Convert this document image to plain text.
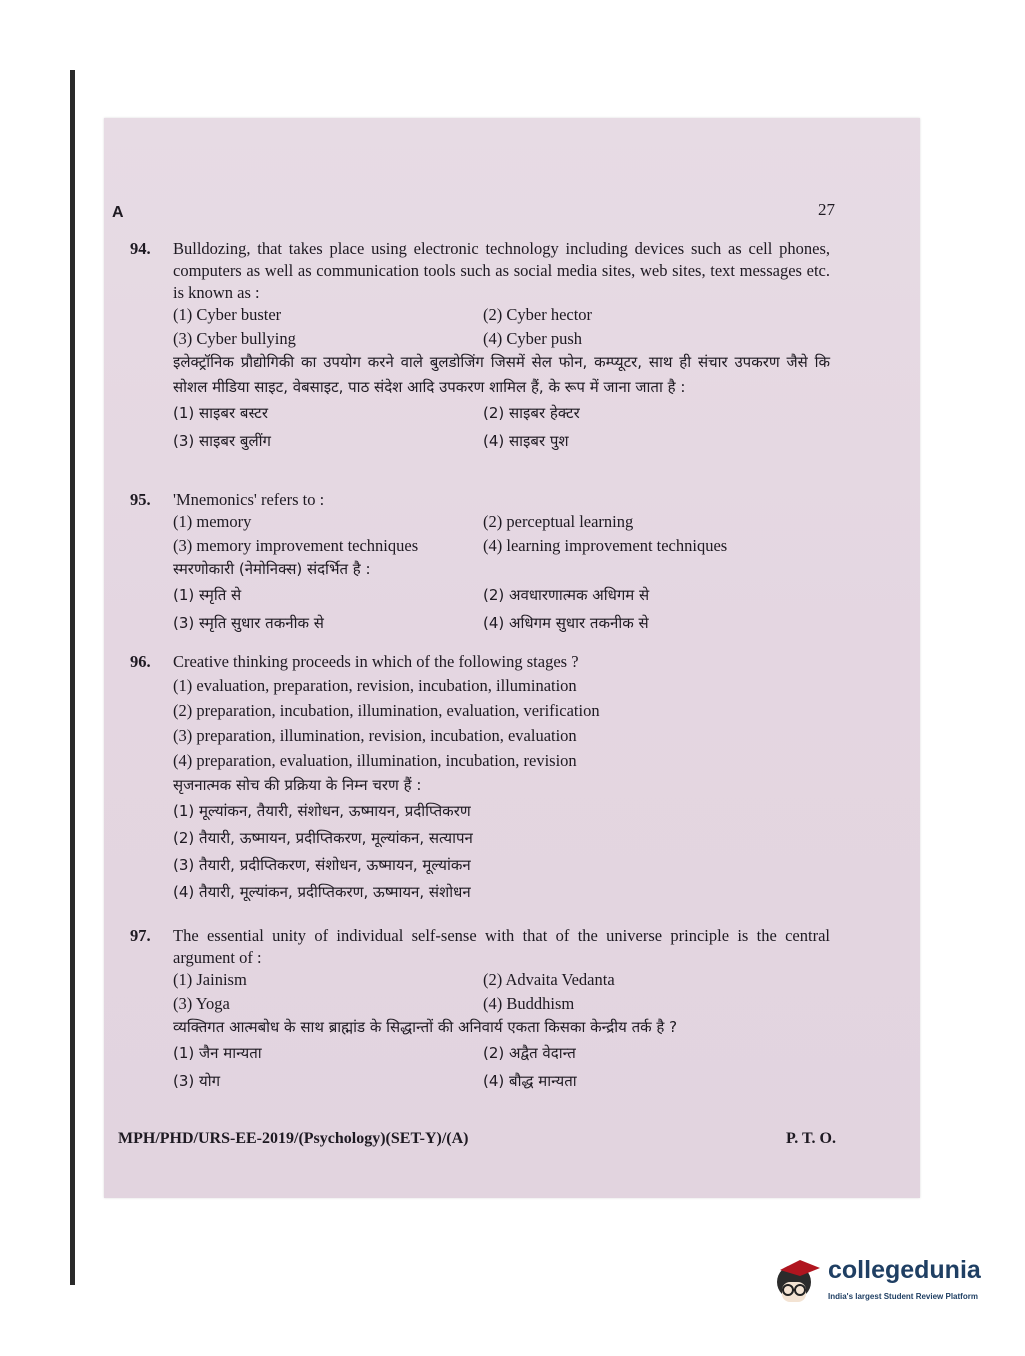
A	27
94. Bulldozing, that takes place using electronic technology including devices such as cell phones, computers as well as communication tools such as social media sites, web sites, text messages etc. is known as :
(1) Cyber buster	(2) Cyber hector
(3) Cyber bullying	(4) Cyber push
इलेक्ट्रॉनिक प्रौद्योगिकी का उपयोग करने वाले बुलडोजिंग जिसमें सेल फोन, कम्प्यूटर, साथ ही संचार उपकरण जैसे कि सोशल मीडिया साइट, वेबसाइट, पाठ संदेश आदि उपकरण शामिल हैं, के रूप में जाना जाता है :
(1) साइबर बस्टर	(2) साइबर हेक्टर
(3) साइबर बुलींग	(4) साइबर पुश
95. 'Mnemonics' refers to :
(1) memory	(2) perceptual learning
(3) memory improvement techniques	(4) learning improvement techniques
स्मरणोकारी (नेमोनिक्स) संदर्भित है :
(1) स्मृति से	(2) अवधारणात्मक अधिगम से
(3) स्मृति सुधार तकनीक से	(4) अधिगम सुधार तकनीक से
96. Creative thinking proceeds in which of the following stages ?
(1) evaluation, preparation, revision, incubation, illumination
(2) preparation, incubation, illumination, evaluation, verification
(3) preparation, illumination, revision, incubation, evaluation
(4) preparation, evaluation, illumination, incubation, revision
सृजनात्मक सोच की प्रक्रिया के निम्न चरण हैं :
(1) मूल्यांकन, तैयारी, संशोधन, ऊष्मायन, प्रदीप्तिकरण
(2) तैयारी, ऊष्मायन, प्रदीप्तिकरण, मूल्यांकन, सत्यापन
(3) तैयारी, प्रदीप्तिकरण, संशोधन, ऊष्मायन, मूल्यांकन
(4) तैयारी, मूल्यांकन, प्रदीप्तिकरण, ऊष्मायन, संशोधन
97. The essential unity of individual self-sense with that of the universe principle is the central argument of :
(1) Jainism	(2) Advaita Vedanta
(3) Yoga	(4) Buddhism
व्यक्तिगत आत्मबोध के साथ ब्राह्मांड के सिद्धान्तों की अनिवार्य एकता किसका केन्द्रीय तर्क है ?
(1) जैन मान्यता	(2) अद्वैत वेदान्त
(3) योग	(4) बौद्ध मान्यता
MPH/PHD/URS-EE-2019/(Psychology)(SET-Y)/(A)	P. T. O.
collegedunia
India's largest Student Review Platform
